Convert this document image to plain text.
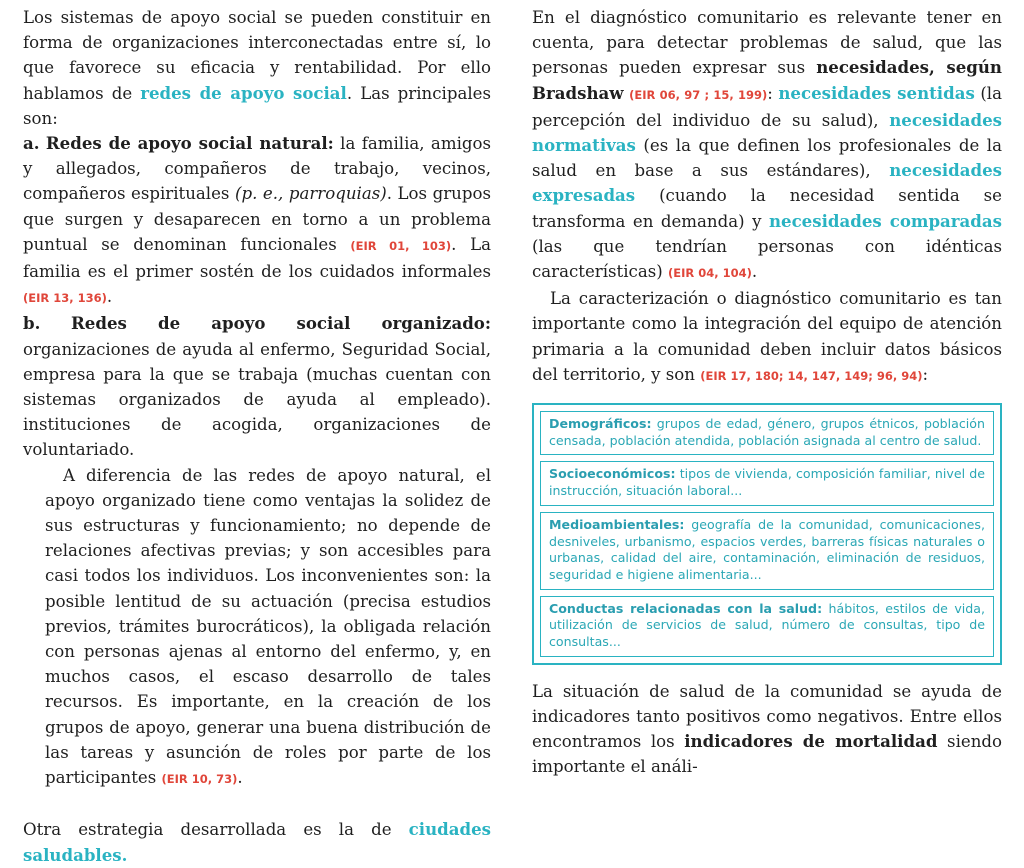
Los sistemas de apoyo social se pueden constituir en forma de organizaciones interconectadas entre sí, lo que favorece su eficacia y rentabilidad. Por ello hablamos de redes de apoyo social. Las principales son:

a. Redes de apoyo social natural: la familia, amigos y allegados, compañeros de trabajo, vecinos, compañeros espirituales (p. e., parroquias). Los grupos que surgen y desaparecen en torno a un problema puntual se denominan funcionales (EIR 01, 103). La familia es el primer sostén de los cuidados informales (EIR 13, 136).

b. Redes de apoyo social organizado: organizaciones de ayuda al enfermo, Seguridad Social, empresa para la que se trabaja (muchas cuentan con sistemas organizados de ayuda al empleado). instituciones de acogida, organizaciones de voluntariado.

A diferencia de las redes de apoyo natural, el apoyo organizado tiene como ventajas la solidez de sus estructuras y funcionamiento; no depende de relaciones afectivas previas; y son accesibles para casi todos los individuos. Los inconvenientes son: la posible lentitud de su actuación (precisa estudios previos, trámites burocráticos), la obligada relación con personas ajenas al entorno del enfermo, y, en muchos casos, el escaso desarrollo de tales recursos. Es importante, en la creación de los grupos de apoyo, generar una buena distribución de las tareas y asunción de roles por parte de los participantes (EIR 10, 73).

Otra estrategia desarrollada es la de ciudades saludables.

En el diagnóstico comunitario es relevante tener en cuenta, para detectar problemas de salud, que las personas pueden expresar sus necesidades, según Bradshaw (EIR 06, 97 ; 15, 199): necesidades sentidas (la percepción del individuo de su salud), necesidades normativas (es la que definen los profesionales de la salud en base a sus estándares), necesidades expresadas (cuando la necesidad sentida se transforma en demanda) y necesidades comparadas (las que tendrían personas con idénticas características) (EIR 04, 104).

La caracterización o diagnóstico comunitario es tan importante como la integración del equipo de atención primaria a la comunidad deben incluir datos básicos del territorio, y son (EIR 17, 180; 14, 147, 149; 96, 94):

Demográficos: grupos de edad, género, grupos étnicos, población censada, población atendida, población asignada al centro de salud.
Socioeconómicos: tipos de vivienda, composición familiar, nivel de instrucción, situación laboral...
Medioambientales: geografía de la comunidad, comunicaciones, desniveles, urbanismo, espacios verdes, barreras físicas naturales o urbanas, calidad del aire, contaminación, eliminación de residuos, seguridad e higiene alimentaria...
Conductas relacionadas con la salud: hábitos, estilos de vida, utilización de servicios de salud, número de consultas, tipo de consultas...

La situación de salud de la comunidad se ayuda de indicadores tanto positivos como negativos. Entre ellos encontramos los indicadores de mortalidad siendo importante el análi-
